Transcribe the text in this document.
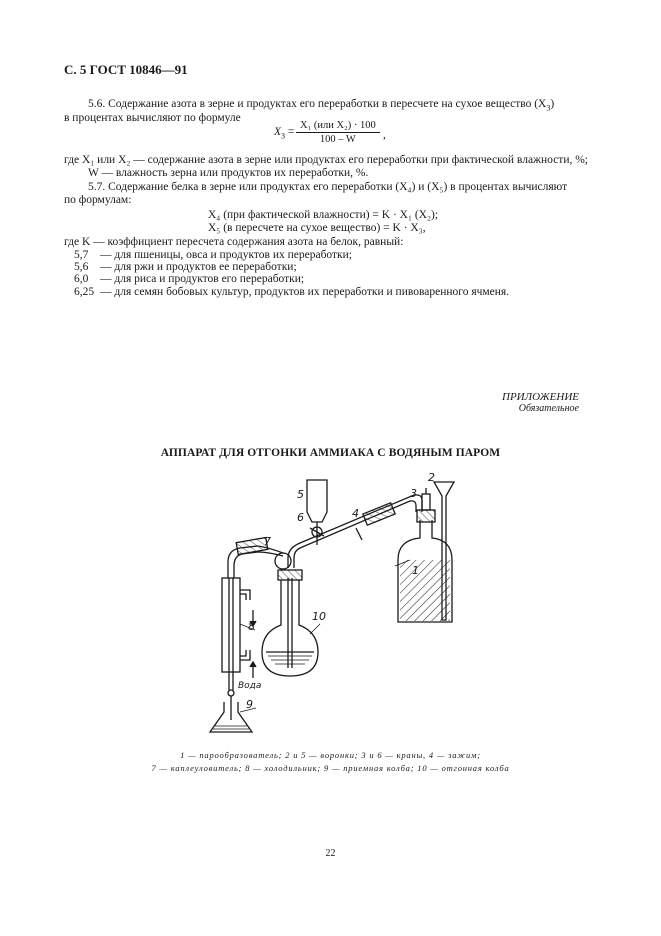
С. 5 ГОСТ 10846—91
5.6. Содержание азота в зерне и продуктах его переработки в пересчете на сухое вещество $(X_3)$
в процентах вычисляют по формуле
$X_3$ =
X₁ (или X₂) · 100
100 – W	,
где X₁ или X₂ — содержание азота в зерне или продуктах его переработки при фактической влажности, %;
W — влажность зерна или продуктов их переработки, %.
5.7. Содержание белка в зерне или продуктах его переработки (X₄) и (X₅) в процентах вычисляют
по формулам:
X₄ (при фактической влажности) = K · X₁ (X₂);
X₅ (в пересчете на сухое вещество) = K · X₃,
где K — коэффициент пересчета содержания азота на белок, равный:
5,7 — для пшеницы, овса и продуктов их переработки;
5,6 — для ржи и продуктов ее переработки;
6,0 — для риса и продуктов его переработки;
6,25 — для семян бобовых культур, продуктов их переработки и пивоваренного ячменя.
ПРИЛОЖЕНИЕ
Обязательное
АППАРАТ ДЛЯ ОТГОНКИ АММИАКА С ВОДЯНЫМ ПАРОМ
1
2
3
4
5
6
7
8
9
10
Вода
1 — парообразователь; 2 и 5 — воронки; 3 и 6 — краны, 4 — зажим;
7 — каплеуловитель; 8 — холодильник; 9 — приемная колба; 10 — отгонная колба
22
